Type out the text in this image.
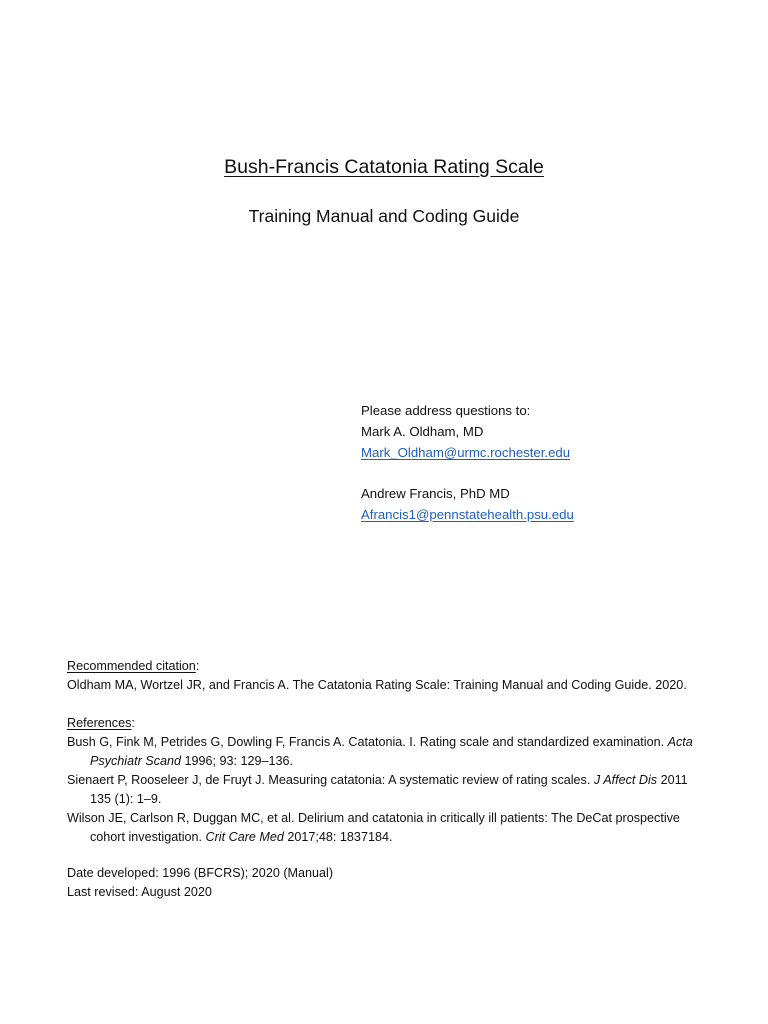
Bush-Francis Catatonia Rating Scale
Training Manual and Coding Guide
Please address questions to:
Mark A. Oldham, MD
Mark_Oldham@urmc.rochester.edu
Andrew Francis, PhD MD
Afrancis1@pennstatehealth.psu.edu
Recommended citation:
Oldham MA, Wortzel JR, and Francis A. The Catatonia Rating Scale: Training Manual and Coding Guide. 2020.
References:
Bush G, Fink M, Petrides G, Dowling F, Francis A. Catatonia. I. Rating scale and standardized examination. Acta Psychiatr Scand 1996; 93: 129–136.
Sienaert P, Rooseleer J, de Fruyt J. Measuring catatonia: A systematic review of rating scales. J Affect Dis 2011 135 (1): 1–9.
Wilson JE, Carlson R, Duggan MC, et al. Delirium and catatonia in critically ill patients: The DeCat prospective cohort investigation. Crit Care Med 2017;48: 1837184.
Date developed: 1996 (BFCRS); 2020 (Manual)
Last revised: August 2020
